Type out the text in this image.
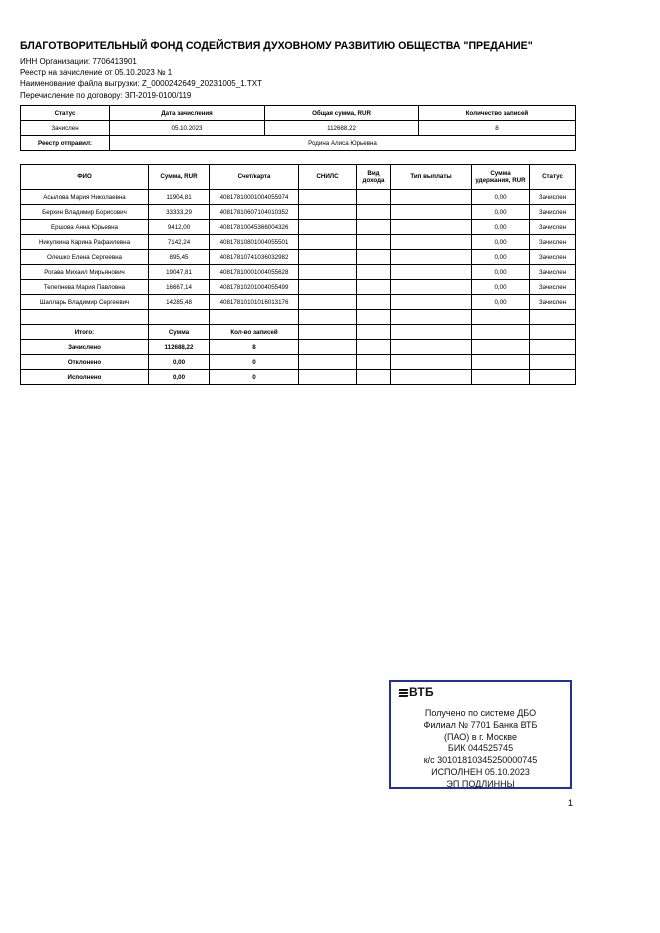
БЛАГОТВОРИТЕЛЬНЫЙ ФОНД СОДЕЙСТВИЯ ДУХОВНОМУ РАЗВИТИЮ ОБЩЕСТВА "ПРЕДАНИЕ"
ИНН Организации: 7706413901
Реестр на зачисление от 05.10.2023 № 1
Наименование файла выгрузки: Z_0000242649_20231005_1.TXT
Перечисление по договору: ЗП-2019-0100/119
Статус	Дата зачисления	Общая сумма, RUR	Количество записей
Зачислен	05.10.2023	112688,22	8
Реестр отправил:	Родина Алиса Юрьевна		
ФИО	Сумма, RUR	Счет/карта	СНИЛС	Вид дохода	Тип выплаты	Сумма удержания, RUR	Статус
Асылова Мария Николаевна	11904,81	40817810001004055974				0,00	Зачислен
Берхин Владимир Борисович	33333,29	40817810607104010352				0,00	Зачислен
Ершова Анна Юрьевна	9412,00	40817810045366004326				0,00	Зачислен
Никулкина Карина Рафаилевна	7142,24	40817810801004055501				0,00	Зачислен
Олешко Елена Сергеевна	895,45	40817810741036032982				0,00	Зачислен
Рогава Михаил Мирьянович	19047,81	40817810001004055628				0,00	Зачислен
Телепнева Мария Павловна	16667,14	40817810201004055499				0,00	Зачислен
Шалларь Владимир Сергеевич	14285,48	40817810101016013176				0,00	Зачислен

Итого:	Сумма	Кол-во записей					
Зачислено	112688,22	8					
Отклонено	0,00	0					
Исполнено	0,00	0					
ВТБ
Получено по системе ДБО
Филиал № 7701 Банка ВТБ
(ПАО) в г. Москве
БИК 044525745
к/с 30101810345250000745
ИСПОЛНЕН 05.10.2023
ЭП ПОДЛИННЫ
1
